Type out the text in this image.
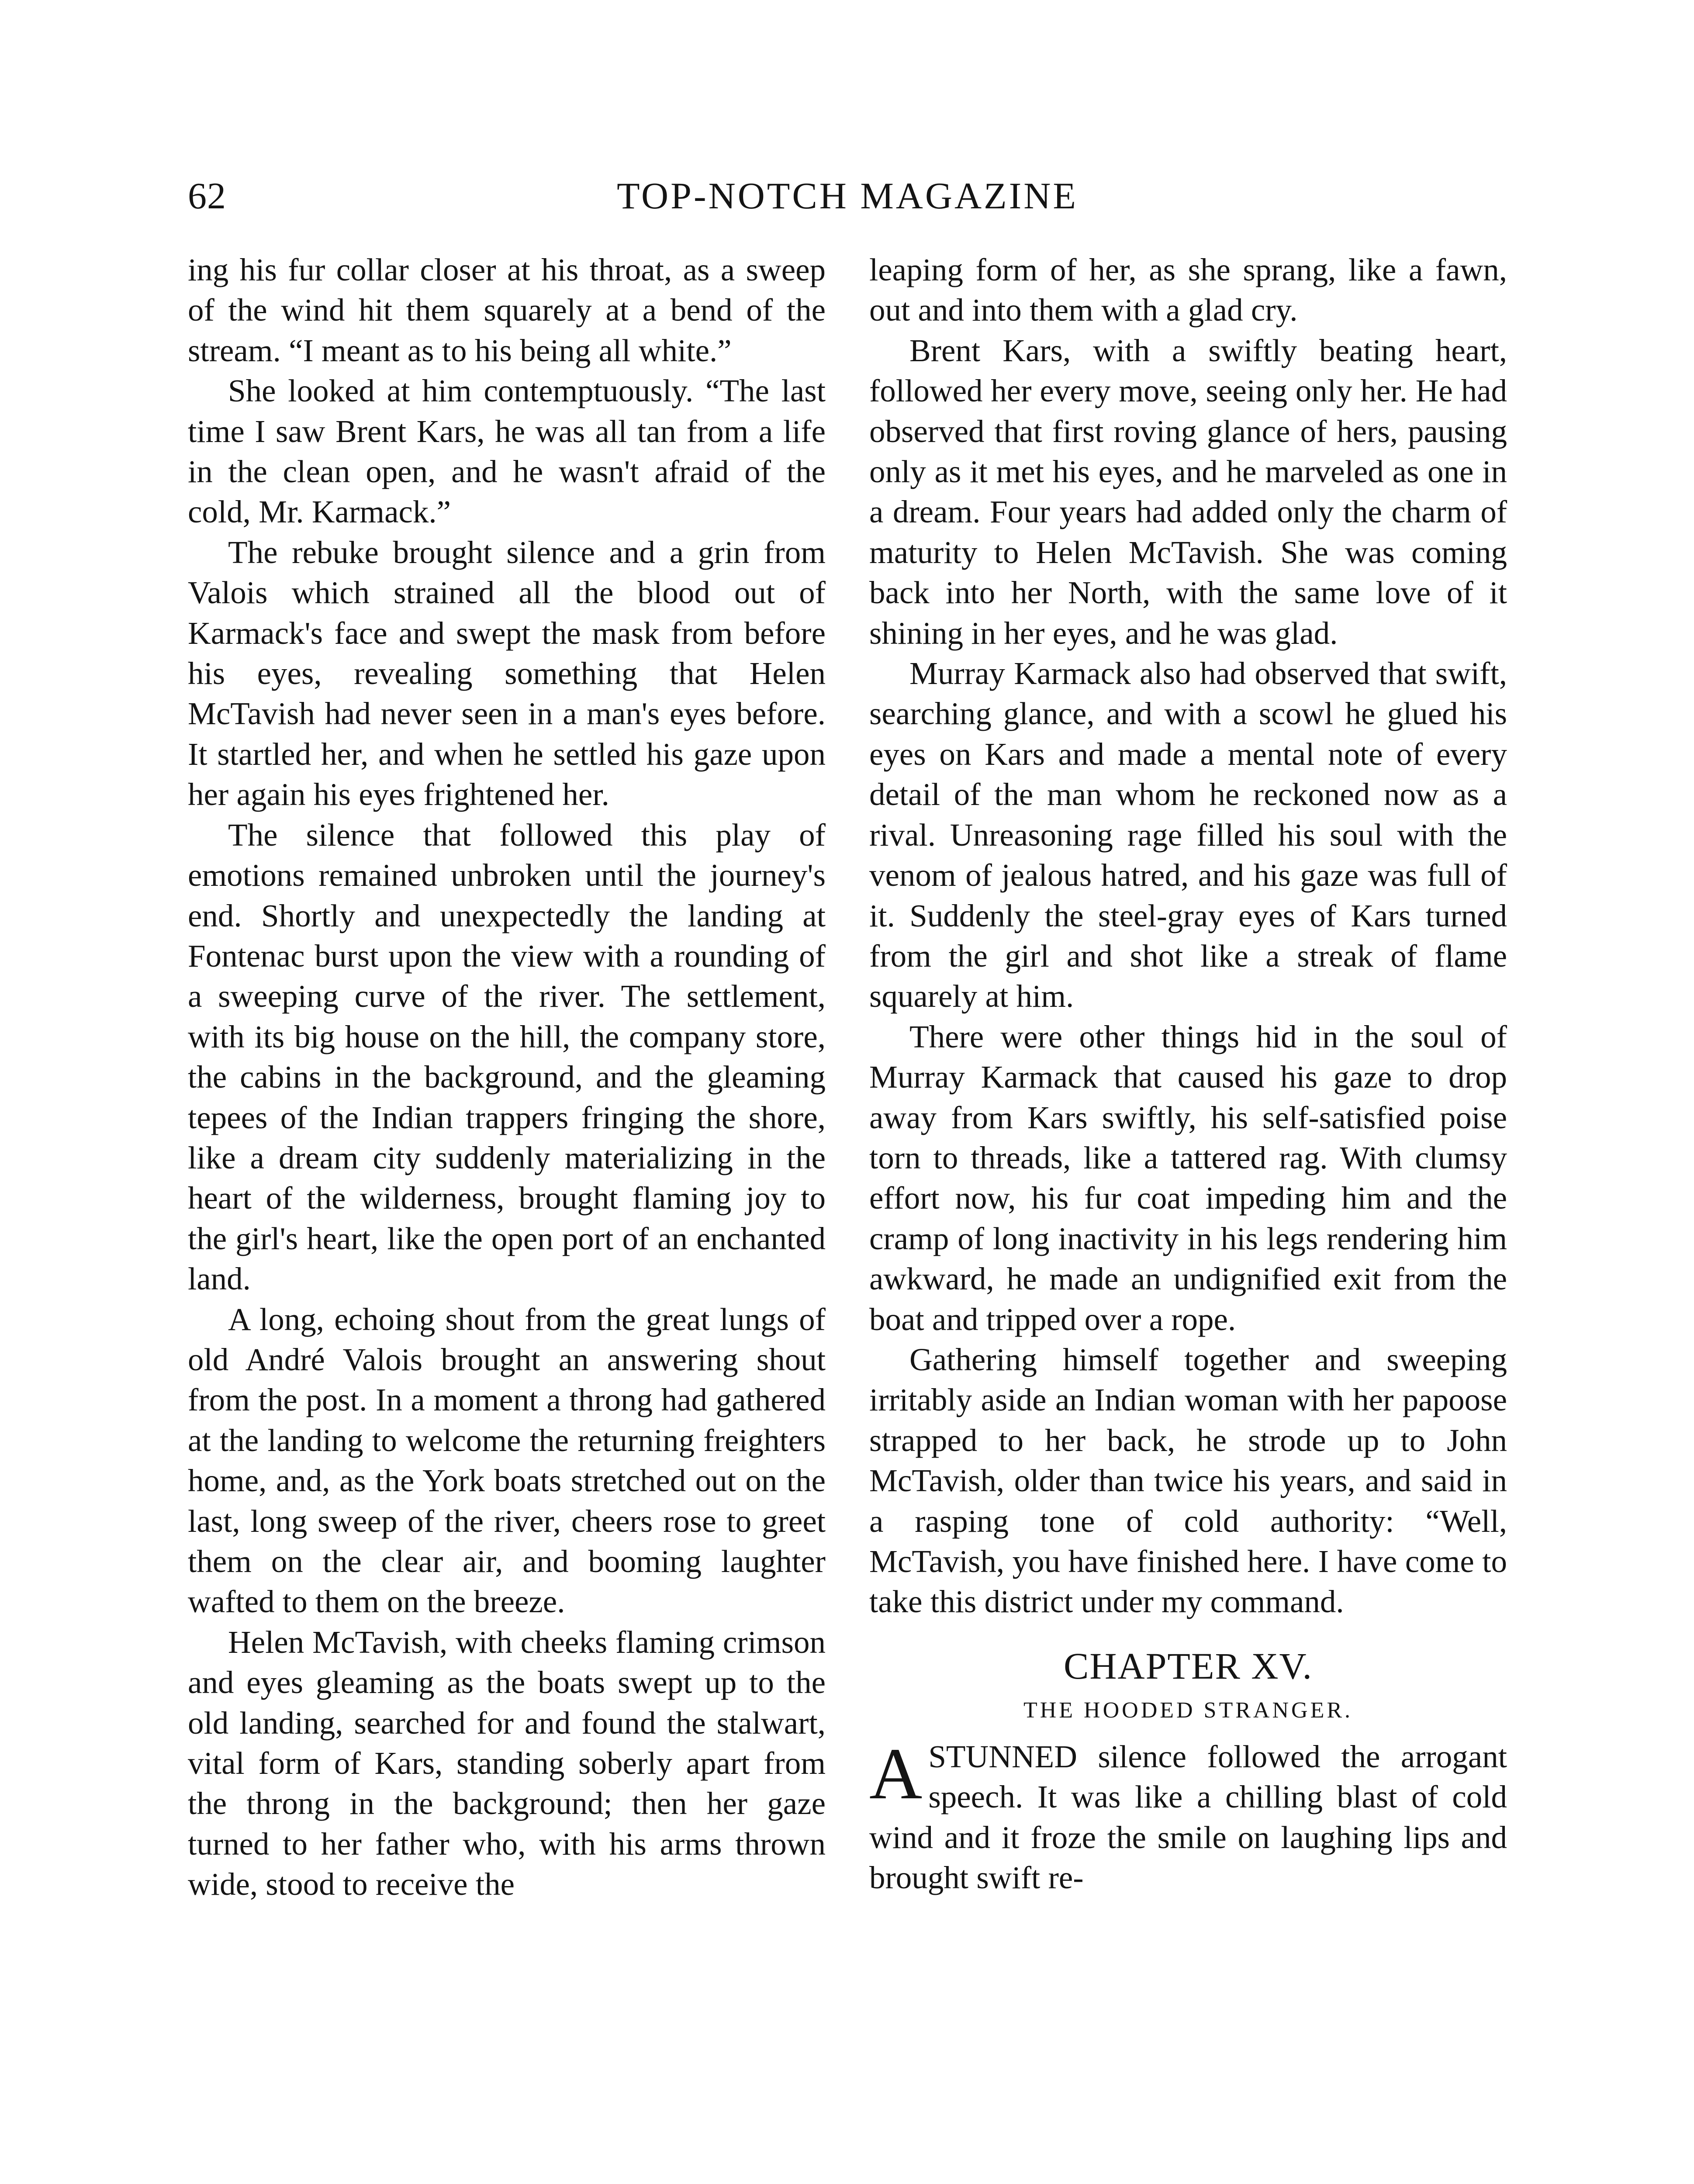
62	TOP-NOTCH MAGAZINE

ing his fur collar closer at his throat, as a sweep of the wind hit them squarely at a bend of the stream. “I meant as to his being all white.”

She looked at him contemptuously. “The last time I saw Brent Kars, he was all tan from a life in the clean open, and he wasn't afraid of the cold, Mr. Karmack.”

The rebuke brought silence and a grin from Valois which strained all the blood out of Karmack's face and swept the mask from before his eyes, revealing something that Helen McTavish had never seen in a man's eyes before. It startled her, and when he settled his gaze upon her again his eyes frightened her.

The silence that followed this play of emotions remained unbroken until the journey's end. Shortly and unexpectedly the landing at Fontenac burst upon the view with a rounding of a sweeping curve of the river. The settlement, with its big house on the hill, the company store, the cabins in the background, and the gleaming tepees of the Indian trappers fringing the shore, like a dream city suddenly materializing in the heart of the wilderness, brought flaming joy to the girl's heart, like the open port of an enchanted land.

A long, echoing shout from the great lungs of old André Valois brought an answering shout from the post. In a moment a throng had gathered at the landing to welcome the returning freighters home, and, as the York boats stretched out on the last, long sweep of the river, cheers rose to greet them on the clear air, and booming laughter wafted to them on the breeze.

Helen McTavish, with cheeks flaming crimson and eyes gleaming as the boats swept up to the old landing, searched for and found the stalwart, vital form of Kars, standing soberly apart from the throng in the background; then her gaze turned to her father who, with his arms thrown wide, stood to receive the

leaping form of her, as she sprang, like a fawn, out and into them with a glad cry.

Brent Kars, with a swiftly beating heart, followed her every move, seeing only her. He had observed that first roving glance of hers, pausing only as it met his eyes, and he marveled as one in a dream. Four years had added only the charm of maturity to Helen McTavish. She was coming back into her North, with the same love of it shining in her eyes, and he was glad.

Murray Karmack also had observed that swift, searching glance, and with a scowl he glued his eyes on Kars and made a mental note of every detail of the man whom he reckoned now as a rival. Unreasoning rage filled his soul with the venom of jealous hatred, and his gaze was full of it. Suddenly the steel-gray eyes of Kars turned from the girl and shot like a streak of flame squarely at him.

There were other things hid in the soul of Murray Karmack that caused his gaze to drop away from Kars swiftly, his self-satisfied poise torn to threads, like a tattered rag. With clumsy effort now, his fur coat impeding him and the cramp of long inactivity in his legs rendering him awkward, he made an undignified exit from the boat and tripped over a rope.

Gathering himself together and sweeping irritably aside an Indian woman with her papoose strapped to her back, he strode up to John McTavish, older than twice his years, and said in a rasping tone of cold authority: “Well, McTavish, you have finished here. I have come to take this district under my command.

CHAPTER XV.
THE HOODED STRANGER.

ASTUNNED silence followed the arrogant speech. It was like a chilling blast of cold wind and it froze the smile on laughing lips and brought swift re-
